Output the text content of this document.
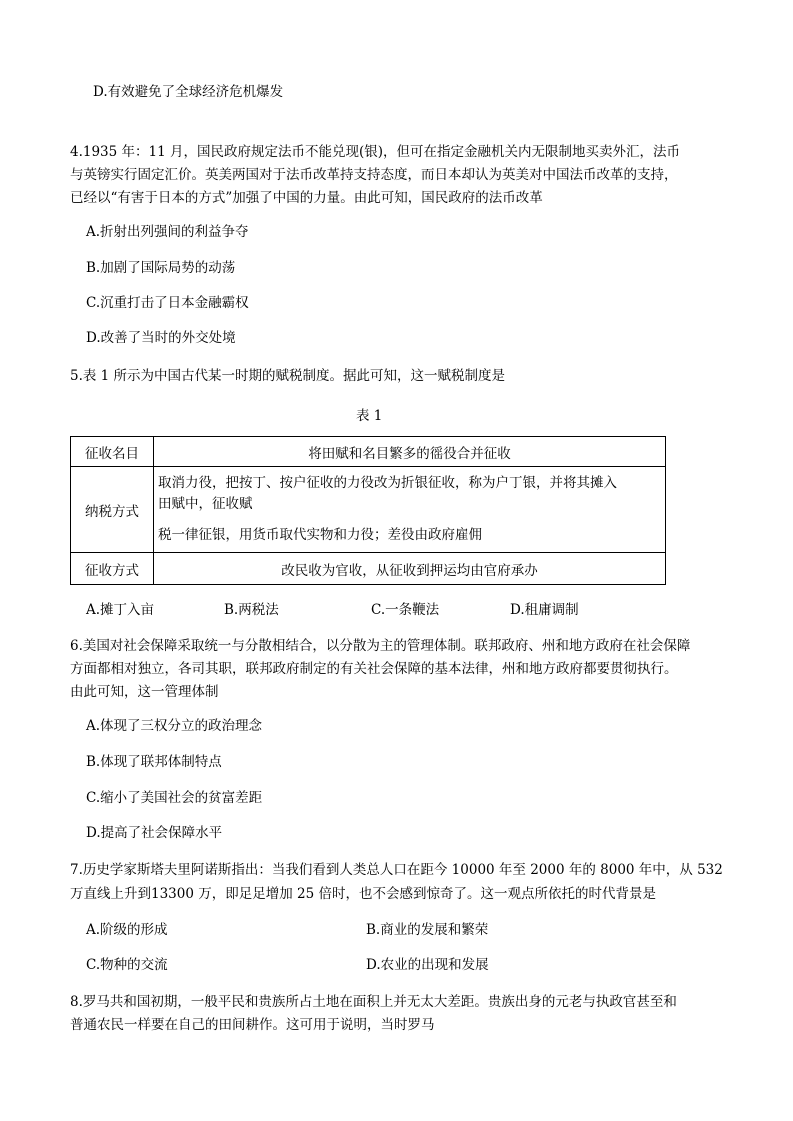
D.有效避免了全球经济危机爆发
4.1935 年：11 月，国民政府规定法币不能兑现(银)，但可在指定金融机关内无限制地买卖外汇，法币
与英镑实行固定汇价。英美两国对于法币改革持支持态度，而日本却认为英美对中国法币改革的支持，
已经以“有害于日本的方式”加强了中国的力量。由此可知，国民政府的法币改革
A.折射出列强间的利益争夺
B.加剧了国际局势的动荡
C.沉重打击了日本金融霸权
D.改善了当时的外交处境
5.表 1 所示为中国古代某一时期的赋税制度。据此可知，这一赋税制度是
表 1
征收名目	将田赋和名目繁多的徭役合并征收
纳税方式	取消力役，把按丁、按户征收的力役改为折银征收，称为户丁银，并将其摊入
田赋中，征收赋
税一律征银，用货币取代实物和力役；差役由政府雇佣

征收方式	改民收为官收，从征收到押运均由官府承办
A.摊丁入亩	B.两税法	C.一条鞭法	D.租庸调制
6.美国对社会保障采取统一与分散相结合，以分散为主的管理体制。联邦政府、州和地方政府在社会保障
方面都相对独立，各司其职，联邦政府制定的有关社会保障的基本法律，州和地方政府都要贯彻执行。
由此可知，这一管理体制
A.体现了三权分立的政治理念
B.体现了联邦体制特点
C.缩小了美国社会的贫富差距
D.提高了社会保障水平
7.历史学家斯塔夫里阿诺斯指出：当我们看到人类总人口在距今 10000 年至 2000 年的 8000 年中，从 532
万直线上升到13300 万，即足足增加 25 倍时，也不会感到惊奇了。这一观点所依托的时代背景是
A.阶级的形成	B.商业的发展和繁荣
C.物种的交流	D.农业的出现和发展
8.罗马共和国初期，一般平民和贵族所占土地在面积上并无太大差距。贵族出身的元老与执政官甚至和
普通农民一样要在自己的田间耕作。这可用于说明，当时罗马
